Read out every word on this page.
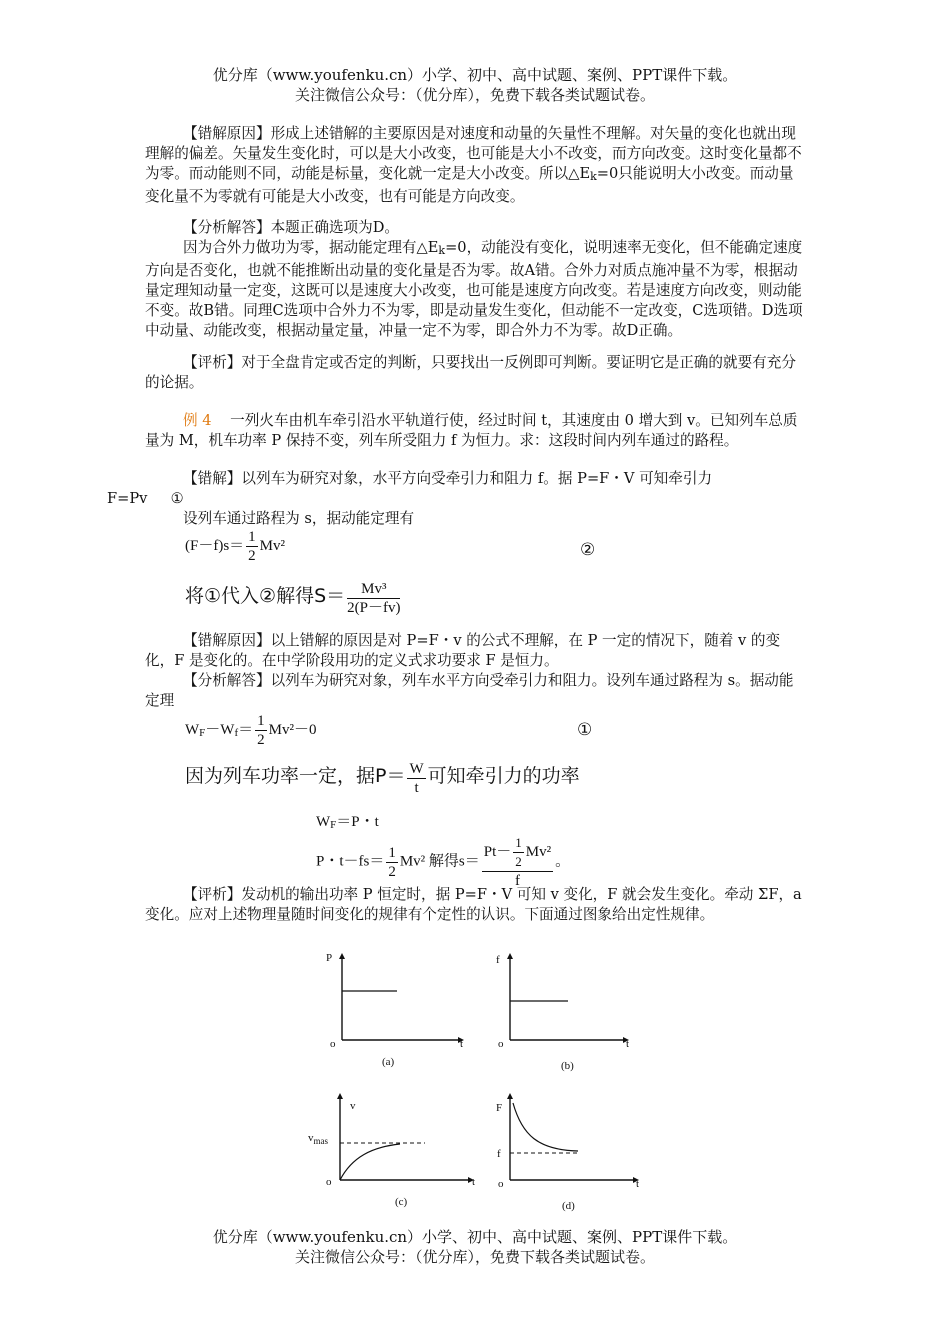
优分库（www.youfenku.cn）小学、初中、高中试题、案例、PPT课件下载。
关注微信公众号：（优分库），免费下载各类试题试卷。
【错解原因】形成上述错解的主要原因是对速度和动量的矢量性不理解。对矢量的变化也就出现理解的偏差。矢量发生变化时，可以是大小改变，也可能是大小不改变，而方向改变。这时变化量都不为零。而动能则不同，动能是标量，变化就一定是大小改变。所以△Ek=0只能说明大小改变。而动量变化量不为零就有可能是大小改变，也有可能是方向改变。
【分析解答】本题正确选项为D。
因为合外力做功为零，据动能定理有△Ek=0，动能没有变化，说明速率无变化，但不能确定速度方向是否变化，也就不能推断出动量的变化量是否为零。故A错。合外力对质点施冲量不为零，根据动量定理知动量一定变，这既可以是速度大小改变，也可能是速度方向改变。若是速度方向改变，则动能不变。故B错。同理C选项中合外力不为零，即是动量发生变化，但动能不一定改变，C选项错。D选项中动量、动能改变，根据动量定量，冲量一定不为零，即合外力不为零。故D正确。
【评析】对于全盘肯定或否定的判断，只要找出一反例即可判断。要证明它是正确的就要有充分的论据。
例 4 一列火车由机车牵引沿水平轨道行使，经过时间 t，其速度由 0 增大到 v。已知列车总质量为 M，机车功率 P 保持不变，列车所受阻力 f 为恒力。求：这段时间内列车通过的路程。
【错解】以列车为研究对象，水平方向受牵引力和阻力 f。据 P=F・V 可知牵引力
F=Pv ①
设列车通过路程为 s，据动能定理有
$(F-f)s= \frac{1}{2} Mv^2$	②
将①代入②解得$S= \frac{\text{Mv³}}{2(P-fv)}$
【错解原因】以上错解的原因是对 P=F・v 的公式不理解，在 P 一定的情况下，随着 v 的变化，F 是变化的。在中学阶段用功的定义式求功要求 F 是恒力。
【分析解答】以列车为研究对象，列车水平方向受牵引力和阻力。设列车通过路程为 s。据动能定理
$WF-Wf= \frac{1}{2} Mv^2-0$	①
因为列车功率一定，据$P= \frac{W}{t}$ 可知牵引力的功率
WF＝P・t
P・$t-fs= \frac{1}{2} Mv^2$ 解得$s= \frac{Pt- \frac{1}{2} Mv^2}{f}$ 。
【评析】发动机的输出功率 P 恒定时，据 P=F・V 可知 v 变化，F 就会发生变化。牵动 ΣF，a 变化。应对上述物理量随时间变化的规律有个定性的认识。下面通过图象给出定性规律。
P
t
o
(a)
f
t
o
(b)
v
$v_{mas}$
t
o
(c)
F
f
t
o
(d)
优分库（www.youfenku.cn）小学、初中、高中试题、案例、PPT课件下载。
关注微信公众号：（优分库），免费下载各类试题试卷。
